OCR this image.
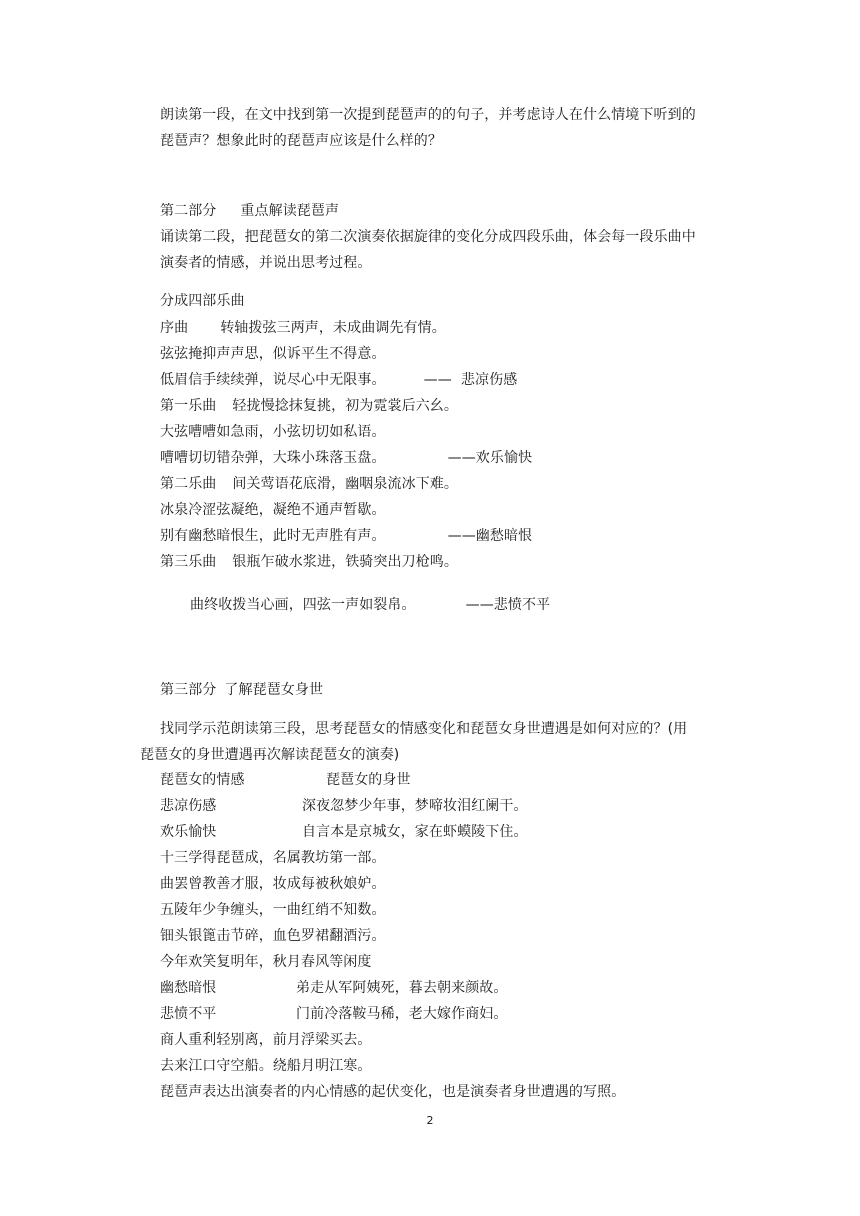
朗读第一段，在文中找到第一次提到琵琶声的的句子，并考虑诗人在什么情境下听到的
琵琶声？想象此时的琵琶声应该是什么样的？
第二部分 重点解读琵琶声
诵读第二段，把琵琶女的第二次演奏依据旋律的变化分成四段乐曲，体会每一段乐曲中
演奏者的情感，并说出思考过程。
分成四部乐曲
序曲 转轴拨弦三两声，未成曲调先有情。
弦弦掩抑声声思，似诉平生不得意。
低眉信手续续弹，说尽心中无限事。	——  悲凉伤感
第一乐曲 轻拢慢捻抹复挑，初为霓裳后六幺。
大弦嘈嘈如急雨，小弦切切如私语。
嘈嘈切切错杂弹，大珠小珠落玉盘。	——欢乐愉快
第二乐曲 间关莺语花底滑，幽咽泉流冰下难。
冰泉冷涩弦凝绝，凝绝不通声暂歇。
别有幽愁暗恨生，此时无声胜有声。	——幽愁暗恨
第三乐曲 银瓶乍破水浆进，铁骑突出刀枪鸣。
曲终收拨当心画，四弦一声如裂帛。	——悲愤不平
第三部分 了解琵琶女身世
找同学示范朗读第三段，思考琵琶女的情感变化和琵琶女身世遭遇是如何对应的？(用
琵琶女的身世遭遇再次解读琵琶女的演奏)
琵琶女的情感	琵琶女的身世
悲凉伤感	深夜忽梦少年事，梦啼妆泪红阑干。
欢乐愉快	自言本是京城女，家在虾蟆陵下住。
十三学得琵琶成，名属教坊第一部。
曲罢曾教善才服，妆成每被秋娘妒。
五陵年少争缠头，一曲红绡不知数。
钿头银篦击节碎，血色罗裙翻酒污。
今年欢笑复明年，秋月春风等闲度
幽愁暗恨	弟走从军阿姨死，暮去朝来颜故。
悲愤不平	门前冷落鞍马稀，老大嫁作商妇。
商人重利轻别离，前月浮梁买去。
去来江口守空船。绕船月明江寒。
琵琶声表达出演奏者的内心情感的起伏变化，也是演奏者身世遭遇的写照。
2
